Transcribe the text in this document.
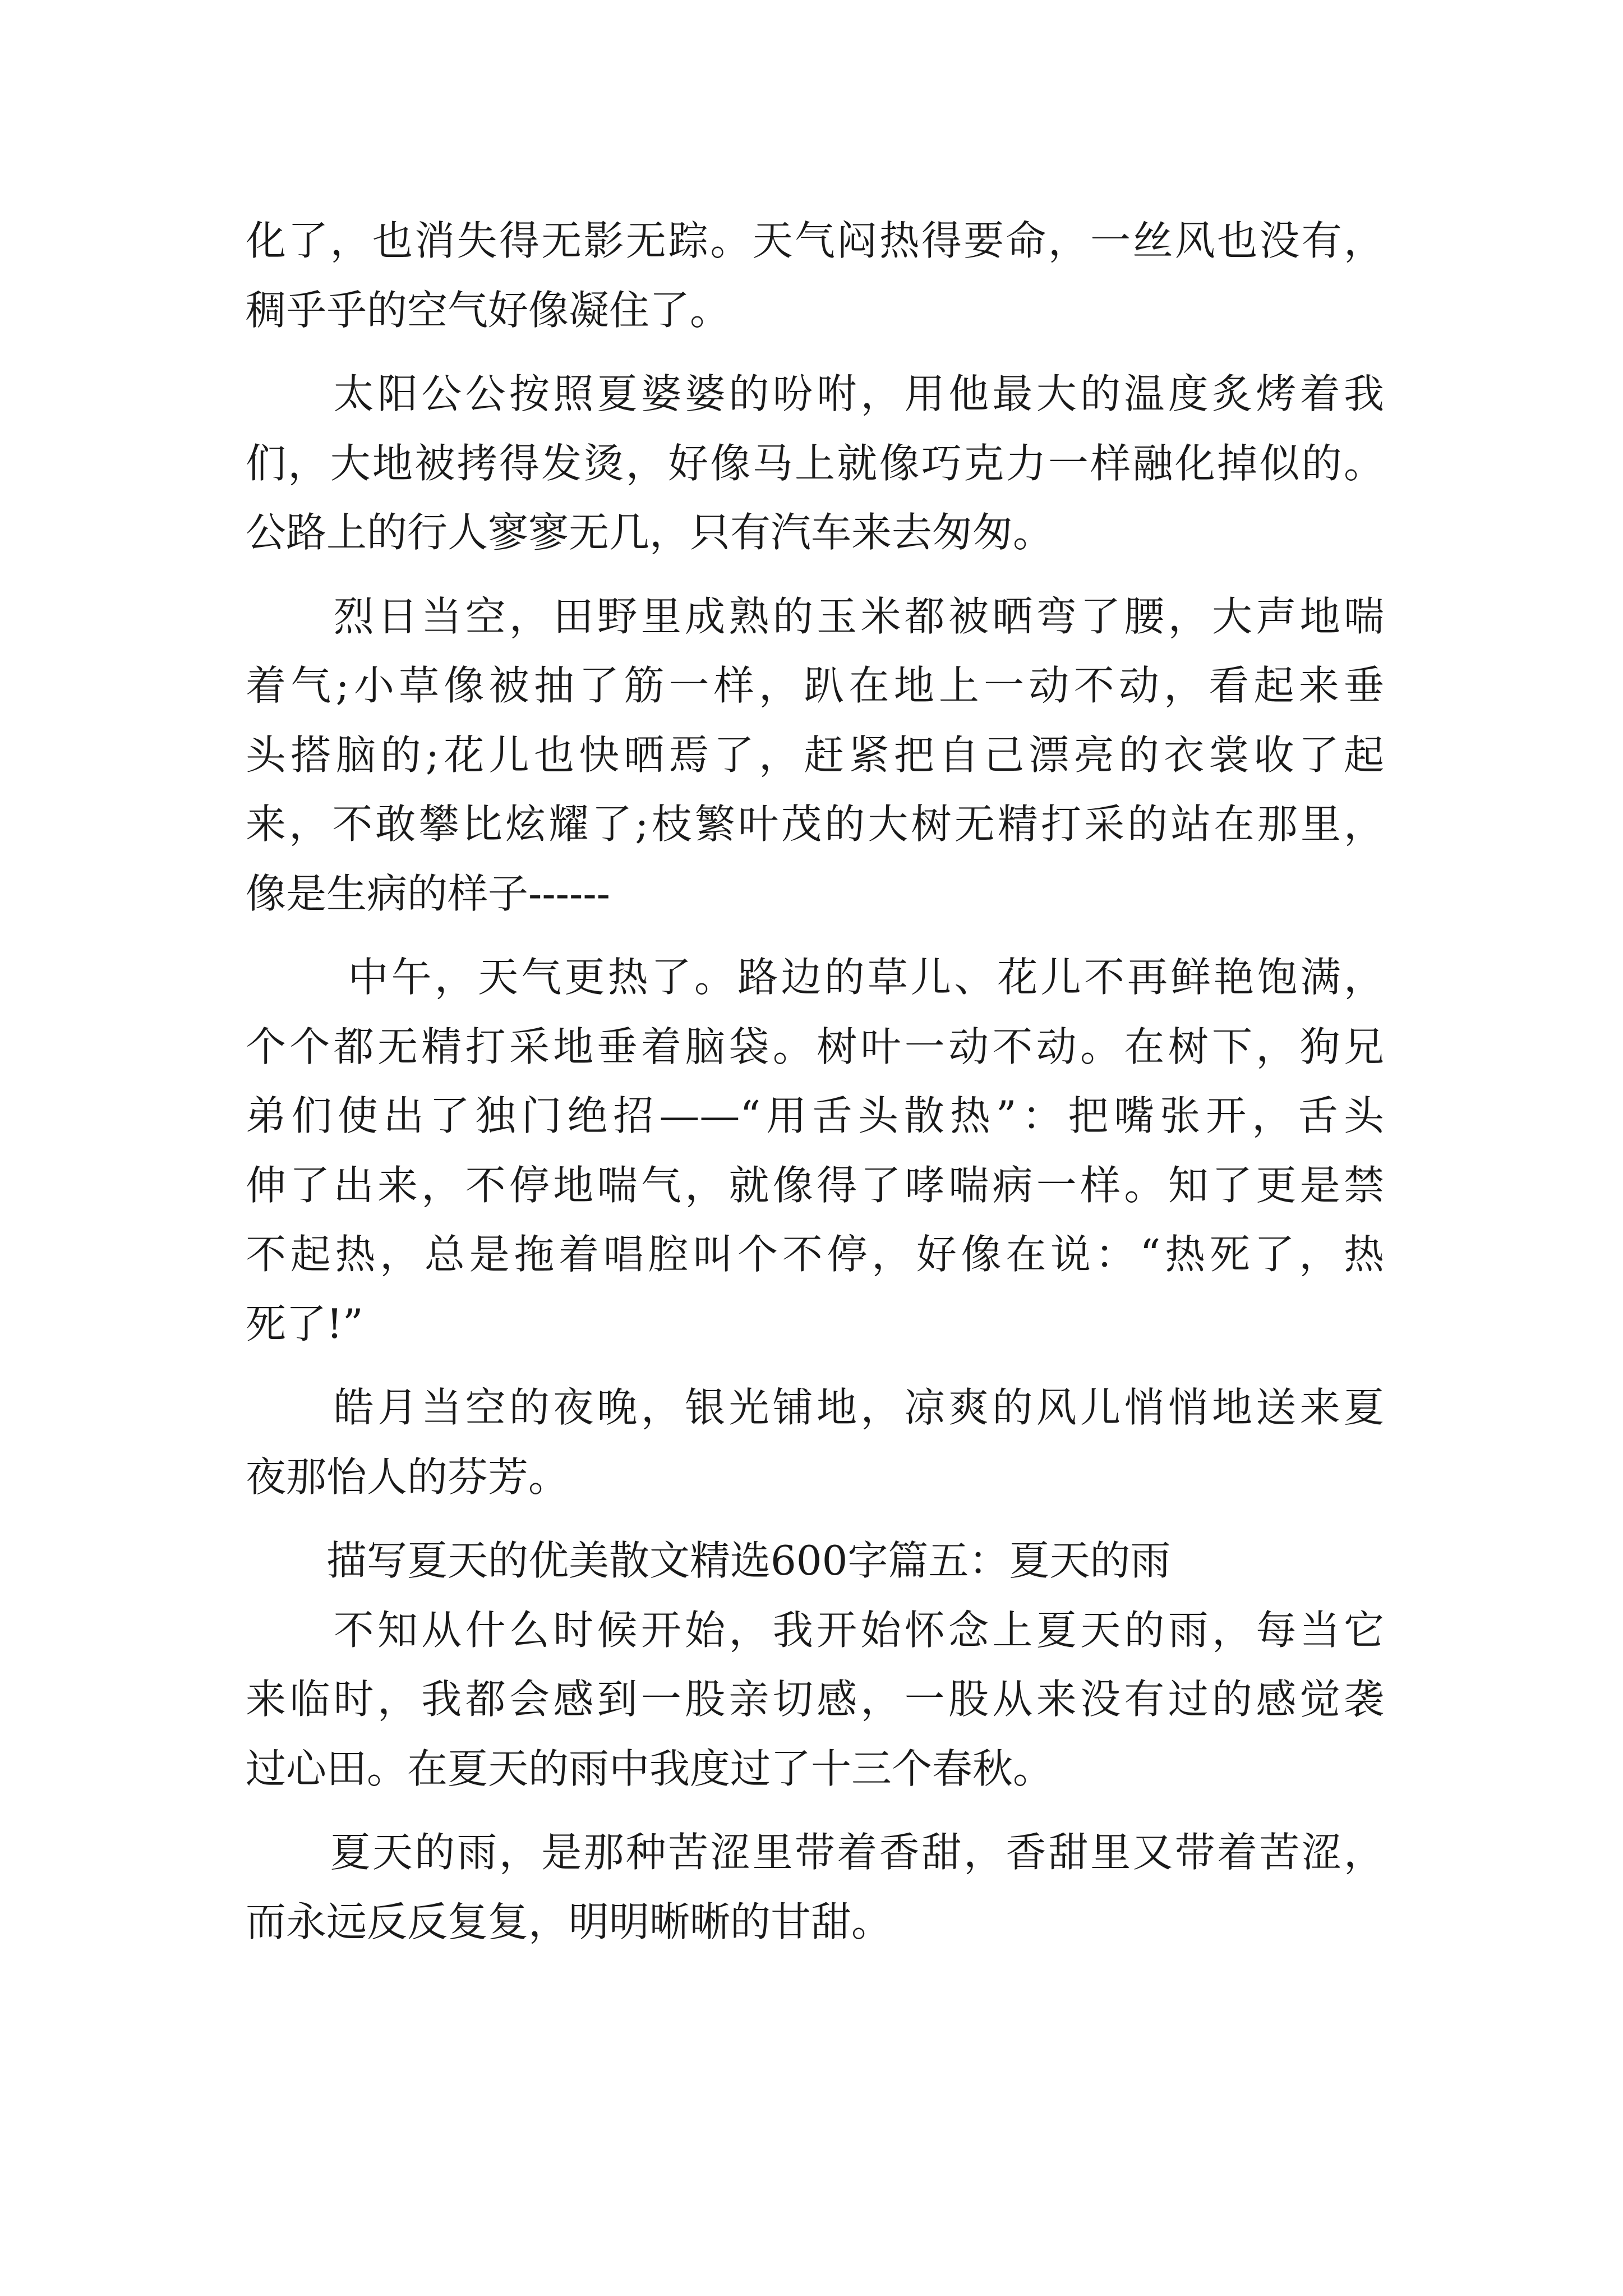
化了，也消失得无影无踪。天气闷热得要命，一丝风也没有，
稠乎乎的空气好像凝住了。
　　太阳公公按照夏婆婆的吩咐，用他最大的温度炙烤着我
们，大地被拷得发烫，好像马上就像巧克力一样融化掉似的。
公路上的行人寥寥无几，只有汽车来去匆匆。
　　烈日当空，田野里成熟的玉米都被晒弯了腰，大声地喘
着气;小草像被抽了筋一样，趴在地上一动不动，看起来垂
头搭脑的;花儿也快晒焉了，赶紧把自己漂亮的衣裳收了起
来，不敢攀比炫耀了;枝繁叶茂的大树无精打采的站在那里，
像是生病的样子------
　　 中午，天气更热了。路边的草儿、花儿不再鲜艳饱满，
个个都无精打采地垂着脑袋。树叶一动不动。在树下，狗兄
弟们使出了独门绝招——“用舌头散热”：把嘴张开，舌头
伸了出来，不停地喘气，就像得了哮喘病一样。知了更是禁
不起热，总是拖着唱腔叫个不停，好像在说：“热死了，热
死了!”
　　皓月当空的夜晚，银光铺地，凉爽的风儿悄悄地送来夏
夜那怡人的芬芳。
　　描写夏天的优美散文精选600字篇五：夏天的雨
　　不知从什么时候开始，我开始怀念上夏天的雨，每当它
来临时，我都会感到一股亲切感，一股从来没有过的感觉袭
过心田。在夏天的雨中我度过了十三个春秋。
　　夏天的雨，是那种苦涩里带着香甜，香甜里又带着苦涩，
而永远反反复复，明明晰晰的甘甜。
